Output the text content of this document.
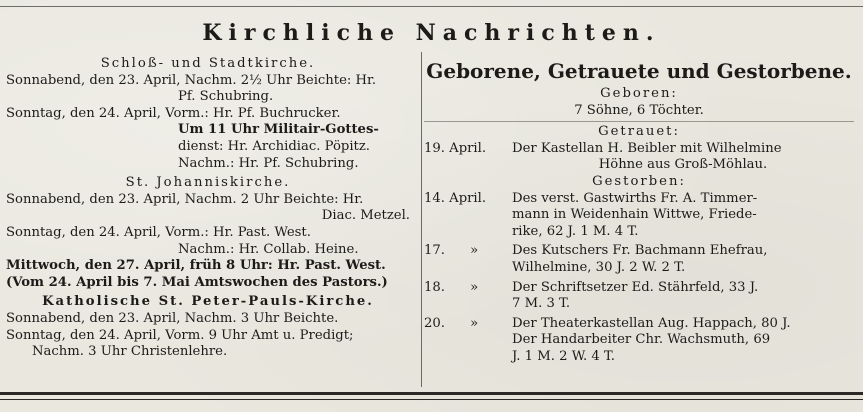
Kirchliche Nachrichten.
Schloß- und Stadtkirche.
Sonnabend, den 23. April, Nachm. 2½ Uhr Beichte: Hr.
Pf. Schubring.
Sonntag, den 24. April, Vorm.: Hr. Pf. Buchrucker.
Um 11 Uhr Militair-Gottes-
dienst: Hr. Archidiac. Pöpitz.
Nachm.: Hr. Pf. Schubring.
St. Johanniskirche.
Sonnabend, den 23. April, Nachm. 2 Uhr Beichte: Hr.
Diac. Metzel.
Sonntag, den 24. April, Vorm.: Hr. Past. West.
Nachm.: Hr. Collab. Heine.
Mittwoch, den 27. April, früh 8 Uhr: Hr. Past. West.
(Vom 24. April bis 7. Mai Amtswochen des Pastors.)
Katholische St. Peter-Pauls-Kirche.
Sonnabend, den 23. April, Nachm. 3 Uhr Beichte.
Sonntag, den 24. April, Vorm. 9 Uhr Amt u. Predigt;
Nachm. 3 Uhr Christenlehre.
Geborene, Getrauete und Gestorbene.
Geboren:
7 Söhne, 6 Töchter.
Getrauet:
19. April.	Der Kastellan H. Beibler mit Wilhelmine
Höhne aus Groß-Möhlau.
Gestorben:
14. April.	Des verst. Gastwirths Fr. A. Timmer-
mann in Weidenhain Wittwe, Friede-
rike, 62 J. 1 M. 4 T.
17. »	Des Kutschers Fr. Bachmann Ehefrau,
Wilhelmine, 30 J. 2 W. 2 T.
18. »	Der Schriftsetzer Ed. Stährfeld, 33 J.
7 M. 3 T.
20. »	Der Theaterkastellan Aug. Happach, 80 J.
Der Handarbeiter Chr. Wachsmuth, 69
J. 1 M. 2 W. 4 T.
